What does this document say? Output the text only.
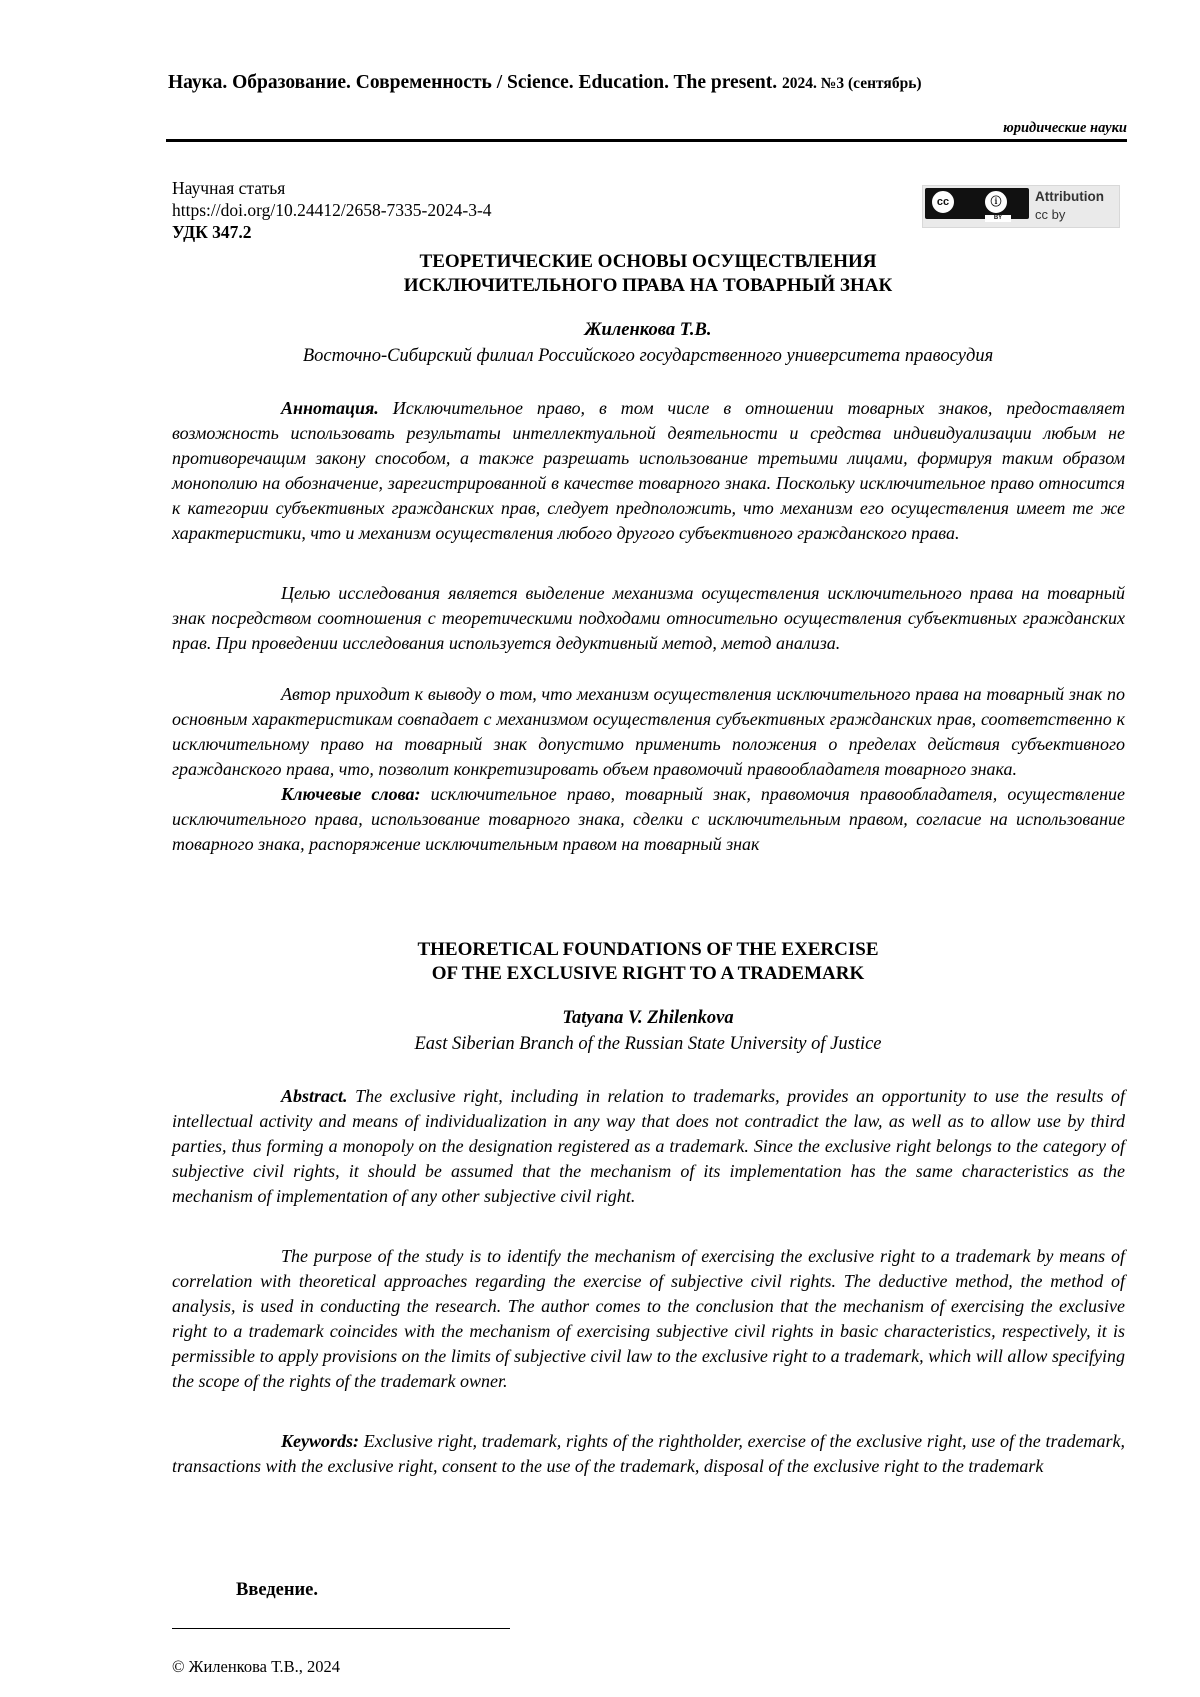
Наука. Образование. Современность / Science. Education. The present. 2024. №3 (сентябрь)
юридические науки
Научная статья
https://doi.org/10.24412/2658-7335-2024-3-4
УДК 347.2
cc	ⓘ
BY
Attribution
cc by
ТЕОРЕТИЧЕСКИЕ ОСНОВЫ ОСУЩЕСТВЛЕНИЯ
ИСКЛЮЧИТЕЛЬНОГО ПРАВА НА ТОВАРНЫЙ ЗНАК
Жиленкова Т.В.
Восточно-Сибирский филиал Российского государственного университета правосудия

Аннотация. Исключительное право, в том числе в отношении товарных знаков, предоставляет возможность использовать результаты интеллектуальной деятельности и средства индивидуализации любым не противоречащим закону способом, а также разрешать использование третьими лицами, формируя таким образом монополию на обозначение, зарегистрированной в качестве товарного знака. Поскольку исключительное право относится к категории субъективных гражданских прав, следует предположить, что механизм его осуществления имеет те же характеристики, что и механизм осуществления любого другого субъективного гражданского права.

Целью исследования является выделение механизма осуществления исключительного права на товарный знак посредством соотношения с теоретическими подходами относительно осуществления субъективных гражданских прав. При проведении исследования используется дедуктивный метод, метод анализа.

Автор приходит к выводу о том, что механизм осуществления исключительного права на товарный знак по основным характеристикам совпадает с механизмом осуществления субъективных гражданских прав, соответственно к исключительному право на товарный знак допустимо применить положения о пределах действия субъективного гражданского права, что, позволит конкретизировать объем правомочий правообладателя товарного знака.

Ключевые слова: исключительное право, товарный знак, правомочия правообладателя, осуществление исключительного права, использование товарного знака, сделки с исключительным правом, согласие на использование товарного знака, распоряжение исключительным правом на товарный знак

THEORETICAL FOUNDATIONS OF THE EXERCISE
OF THE EXCLUSIVE RIGHT TO A TRADEMARK
Tatyana V. Zhilenkova
East Siberian Branch of the Russian State University of Justice

Abstract. The exclusive right, including in relation to trademarks, provides an opportunity to use the results of intellectual activity and means of individualization in any way that does not contradict the law, as well as to allow use by third parties, thus forming a monopoly on the designation registered as a trademark. Since the exclusive right belongs to the category of subjective civil rights, it should be assumed that the mechanism of its implementation has the same characteristics as the mechanism of implementation of any other subjective civil right.

The purpose of the study is to identify the mechanism of exercising the exclusive right to a trademark by means of correlation with theoretical approaches regarding the exercise of subjective civil rights. The deductive method, the method of analysis, is used in conducting the research. The author comes to the conclusion that the mechanism of exercising the exclusive right to a trademark coincides with the mechanism of exercising subjective civil rights in basic characteristics, respectively, it is permissible to apply provisions on the limits of subjective civil law to the exclusive right to a trademark, which will allow specifying the scope of the rights of the trademark owner.

Keywords: Exclusive right, trademark, rights of the rightholder, exercise of the exclusive right, use of the trademark, transactions with the exclusive right, consent to the use of the trademark, disposal of the exclusive right to the trademark

Введение.
© Жиленкова Т.В., 2024
